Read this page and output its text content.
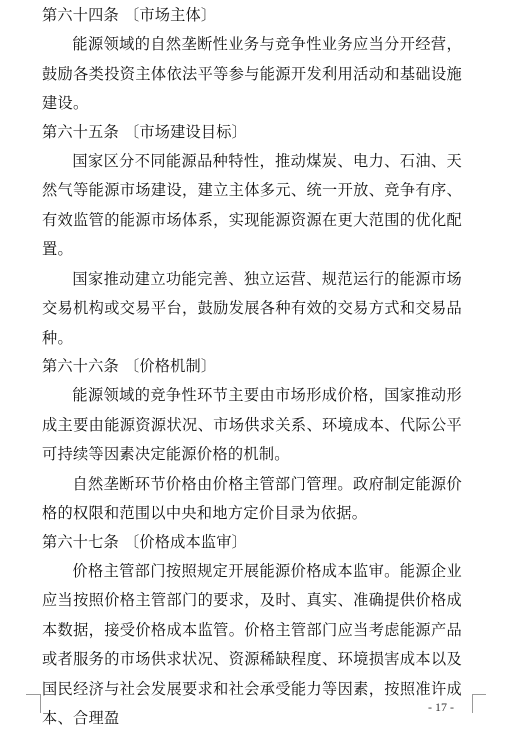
第六十四条 〔市场主体〕

能源领域的自然垄断性业务与竞争性业务应当分开经营，鼓励各类投资主体依法平等参与能源开发利用活动和基础设施建设。

第六十五条 〔市场建设目标〕

国家区分不同能源品种特性，推动煤炭、电力、石油、天然气等能源市场建设，建立主体多元、统一开放、竞争有序、有效监管的能源市场体系，实现能源资源在更大范围的优化配置。

国家推动建立功能完善、独立运营、规范运行的能源市场交易机构或交易平台，鼓励发展各种有效的交易方式和交易品种。

第六十六条 〔价格机制〕

能源领域的竞争性环节主要由市场形成价格，国家推动形成主要由能源资源状况、市场供求关系、环境成本、代际公平可持续等因素决定能源价格的机制。

自然垄断环节价格由价格主管部门管理。政府制定能源价格的权限和范围以中央和地方定价目录为依据。

第六十七条 〔价格成本监审〕

价格主管部门按照规定开展能源价格成本监审。能源企业应当按照价格主管部门的要求，及时、真实、准确提供价格成本数据，接受价格成本监管。价格主管部门应当考虑能源产品或者服务的市场供求状况、资源稀缺程度、环境损害成本以及国民经济与社会发展要求和社会承受能力等因素，按照准许成本、合理盈

- 17 -
